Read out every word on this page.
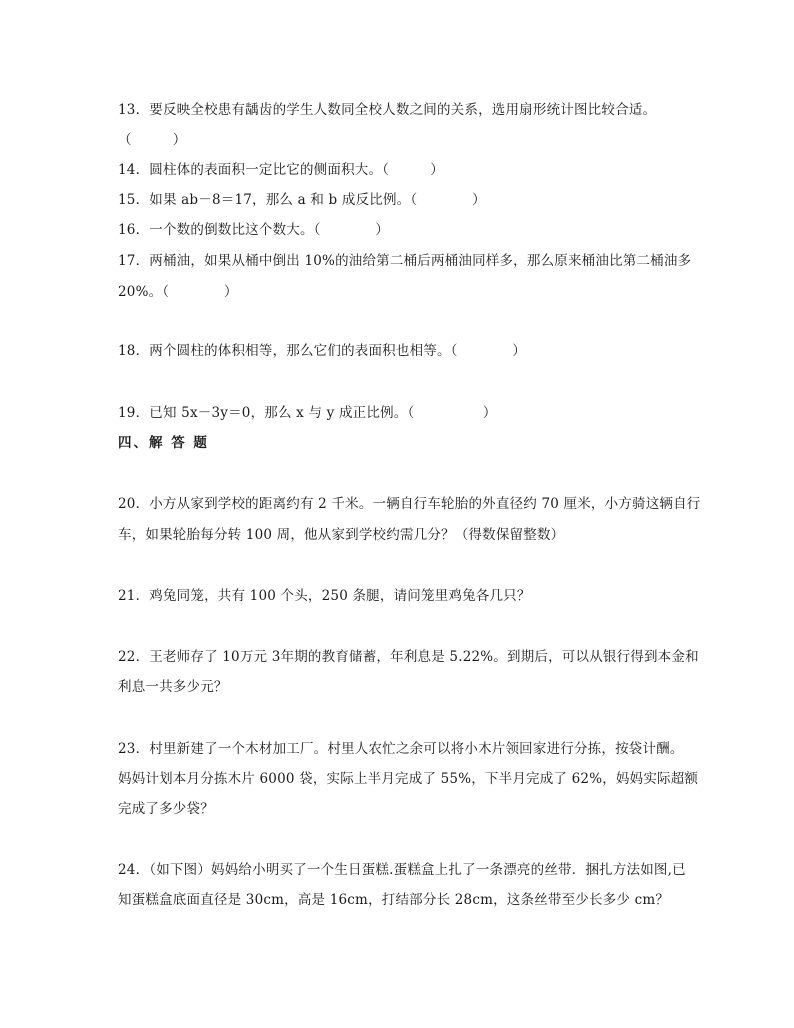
13．要反映全校患有龋齿的学生人数同全校人数之间的关系，选用扇形统计图比较合适。
（　　　）
14．圆柱体的表面积一定比它的侧面积大。（　　　）
15．如果 ab－8＝17，那么 a 和 b 成反比例。（　　　　）
16．一个数的倒数比这个数大。（　　　　）
17．两桶油，如果从桶中倒出 10%的油给第二桶后两桶油同样多，那么原来桶油比第二桶油多
20%。（　　　　）
18．两个圆柱的体积相等，那么它们的表面积也相等。（　　　　）
19．已知 5x－3y＝0，那么 x 与 y 成正比例。（　　　　　）
四、解 答 题
20．小方从家到学校的距离约有 2 千米。一辆自行车轮胎的外直径约 70 厘米，小方骑这辆自行
车，如果轮胎每分转 100 周，他从家到学校约需几分？（得数保留整数）
21．鸡兔同笼，共有 100 个头，250 条腿，请问笼里鸡兔各几只？
22．王老师存了 10万元 3年期的教育储蓄，年利息是 5.22%。到期后，可以从银行得到本金和
利息一共多少元？
23．村里新建了一个木材加工厂。村里人农忙之余可以将小木片领回家进行分拣，按袋计酬。
妈妈计划本月分拣木片 6000 袋，实际上半月完成了 55%，下半月完成了 62%，妈妈实际超额
完成了多少袋？
24．（如下图）妈妈给小明买了一个生日蛋糕.蛋糕盒上扎了一条漂亮的丝带．捆扎方法如图,已
知蛋糕盒底面直径是 30cm，高是 16cm，打结部分长 28cm，这条丝带至少长多少 cm？
